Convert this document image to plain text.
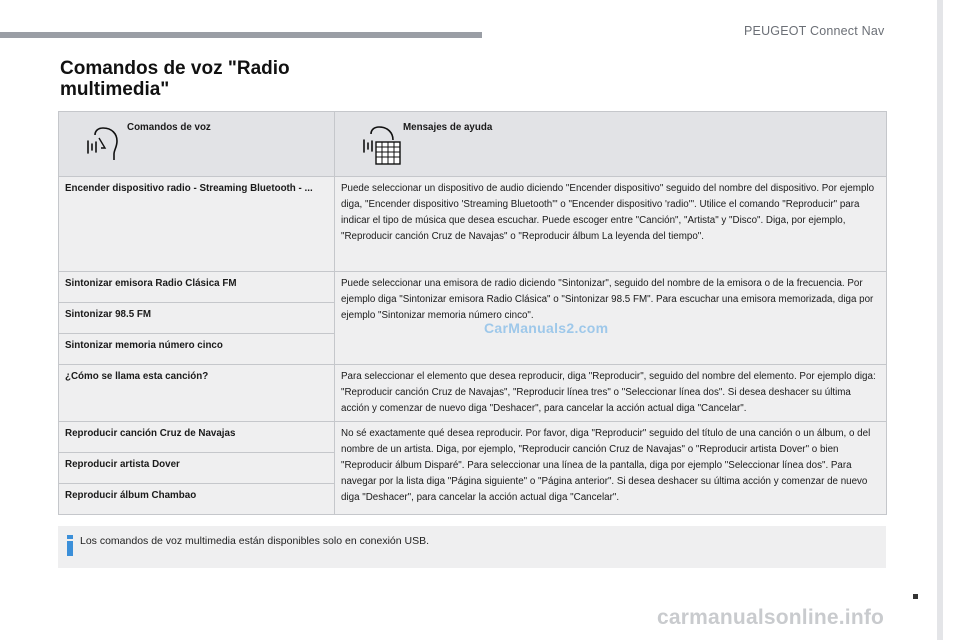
PEUGEOT Connect Nav
Comandos de voz "Radio multimedia"
Comandos de voz	Mensajes de ayuda

Encender dispositivo radio - Streaming Bluetooth - ...	Puede seleccionar un dispositivo de audio diciendo "Encender dispositivo" seguido del nombre del dispositivo. Por ejemplo diga, "Encender dispositivo 'Streaming Bluetooth'" o "Encender dispositivo 'radio'". Utilice el comando "Reproducir" para indicar el tipo de música que desea escuchar. Puede escoger entre "Canción", "Artista" y "Disco". Diga, por ejemplo, "Reproducir canción Cruz de Navajas" o "Reproducir álbum La leyenda del tiempo".
Sintonizar emisora Radio Clásica FM	Puede seleccionar una emisora de radio diciendo "Sintonizar", seguido del nombre de la emisora o de la frecuencia. Por ejemplo diga "Sintonizar emisora Radio Clásica" o "Sintonizar 98.5 FM". Para escuchar una emisora memorizada, diga por ejemplo "Sintonizar memoria número cinco".
Sintonizar 98.5 FM	
Sintonizar memoria número cinco	
¿Cómo se llama esta canción?	Para seleccionar el elemento que desea reproducir, diga "Reproducir", seguido del nombre del elemento. Por ejemplo diga: "Reproducir canción Cruz de Navajas", "Reproducir línea tres" o "Seleccionar línea dos". Si desea deshacer su última acción y comenzar de nuevo diga "Deshacer", para cancelar la acción actual diga "Cancelar".
Reproducir canción Cruz de Navajas	No sé exactamente qué desea reproducir. Por favor, diga "Reproducir" seguido del título de una canción o un álbum, o del nombre de un artista. Diga, por ejemplo, "Reproducir canción Cruz de Navajas" o "Reproducir artista Dover" o bien "Reproducir álbum Disparé". Para seleccionar una línea de la pantalla, diga por ejemplo "Seleccionar línea dos". Para navegar por la lista diga "Página siguiente" o "Página anterior". Si desea deshacer su última acción y comenzar de nuevo diga "Deshacer", para cancelar la acción actual diga "Cancelar".
Reproducir artista Dover	
Reproducir álbum Chambao	
CarManuals2.com
Los comandos de voz multimedia están disponibles solo en conexión USB.
carmanualsonline.info
